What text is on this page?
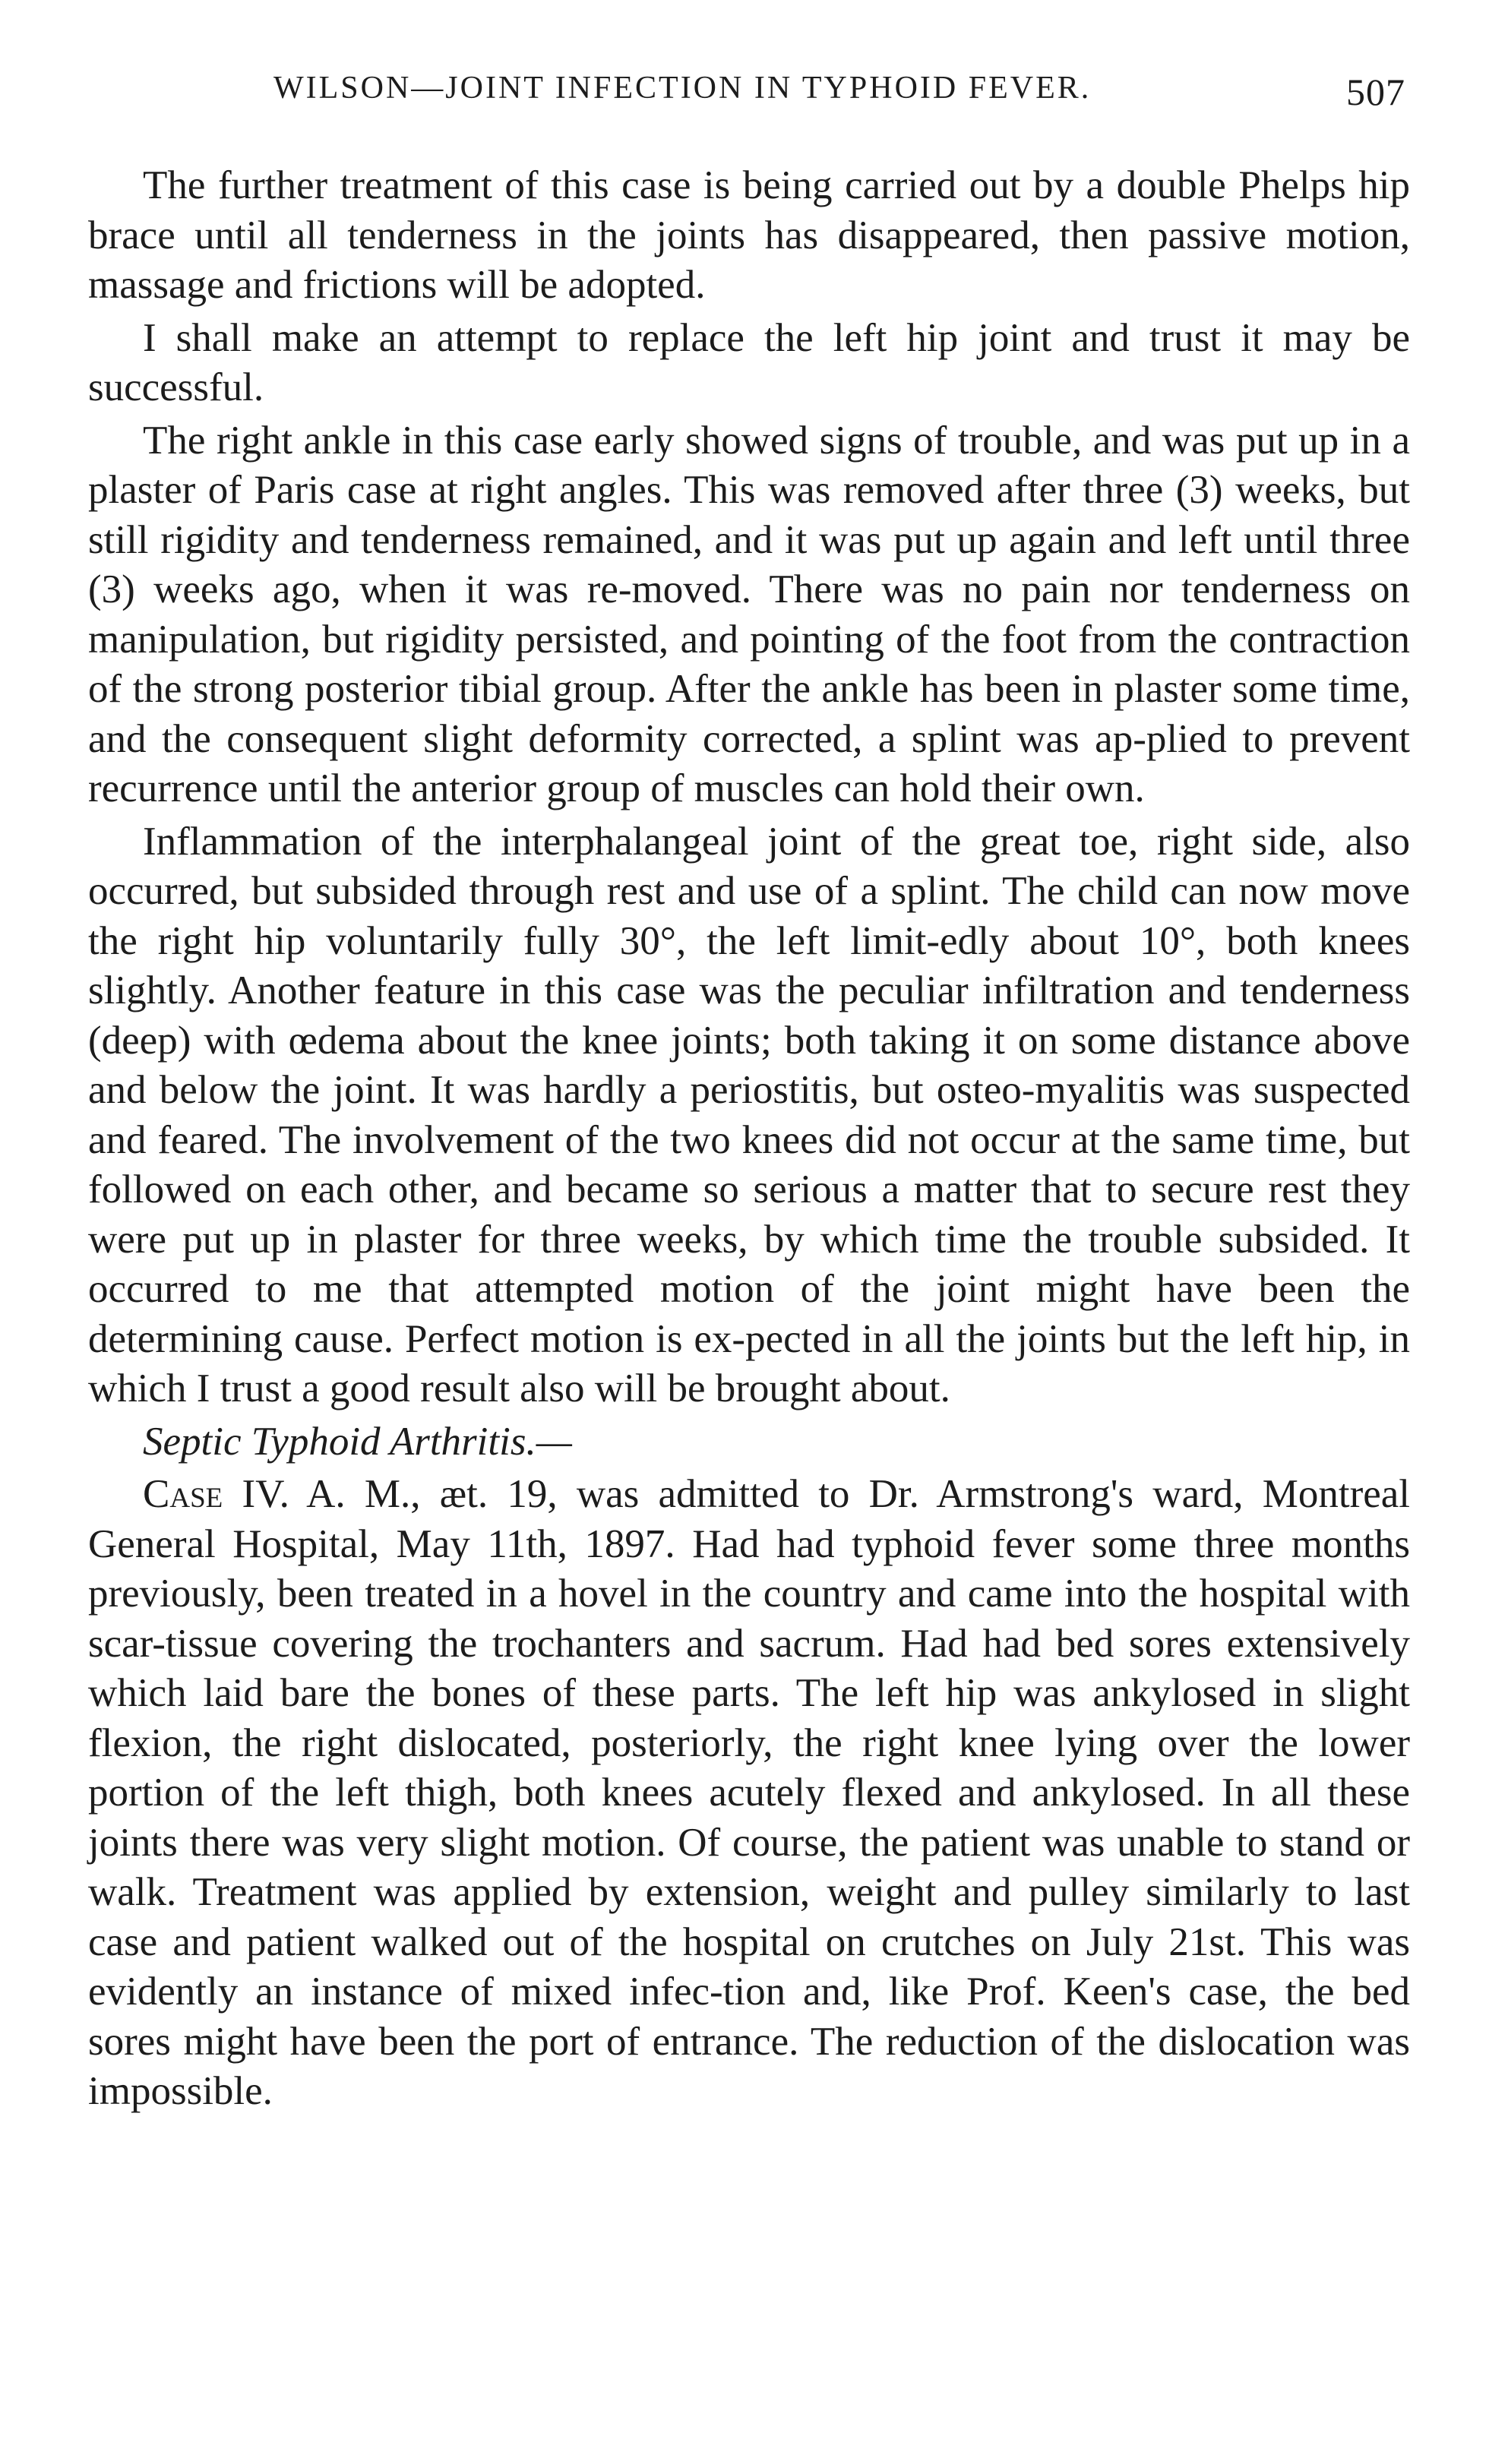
WILSON—JOINT INFECTION IN TYPHOID FEVER.	507

The further treatment of this case is being carried out by a double Phelps hip brace until all tenderness in the joints has disappeared, then passive motion, massage and frictions will be adopted.

I shall make an attempt to replace the left hip joint and trust it may be successful.

The right ankle in this case early showed signs of trouble, and was put up in a plaster of Paris case at right angles. This was removed after three (3) weeks, but still rigidity and tenderness remained, and it was put up again and left until three (3) weeks ago, when it was re-moved. There was no pain nor tenderness on manipulation, but rigidity persisted, and pointing of the foot from the contraction of the strong posterior tibial group. After the ankle has been in plaster some time, and the consequent slight deformity corrected, a splint was ap-plied to prevent recurrence until the anterior group of muscles can hold their own.

Inflammation of the interphalangeal joint of the great toe, right side, also occurred, but subsided through rest and use of a splint. The child can now move the right hip voluntarily fully 30°, the left limit-edly about 10°, both knees slightly. Another feature in this case was the peculiar infiltration and tenderness (deep) with œdema about the knee joints; both taking it on some distance above and below the joint. It was hardly a periostitis, but osteo-myalitis was suspected and feared. The involvement of the two knees did not occur at the same time, but followed on each other, and became so serious a matter that to secure rest they were put up in plaster for three weeks, by which time the trouble subsided. It occurred to me that attempted motion of the joint might have been the determining cause. Perfect motion is ex-pected in all the joints but the left hip, in which I trust a good result also will be brought about.

Septic Typhoid Arthritis.—

Case IV. A. M., æt. 19, was admitted to Dr. Armstrong's ward, Montreal General Hospital, May 11th, 1897. Had had typhoid fever some three months previously, been treated in a hovel in the country and came into the hospital with scar-tissue covering the trochanters and sacrum. Had had bed sores extensively which laid bare the bones of these parts. The left hip was ankylosed in slight flexion, the right dislocated, posteriorly, the right knee lying over the lower portion of the left thigh, both knees acutely flexed and ankylosed. In all these joints there was very slight motion. Of course, the patient was unable to stand or walk. Treatment was applied by extension, weight and pulley similarly to last case and patient walked out of the hospital on crutches on July 21st. This was evidently an instance of mixed infec-tion and, like Prof. Keen's case, the bed sores might have been the port of entrance. The reduction of the dislocation was impossible.
